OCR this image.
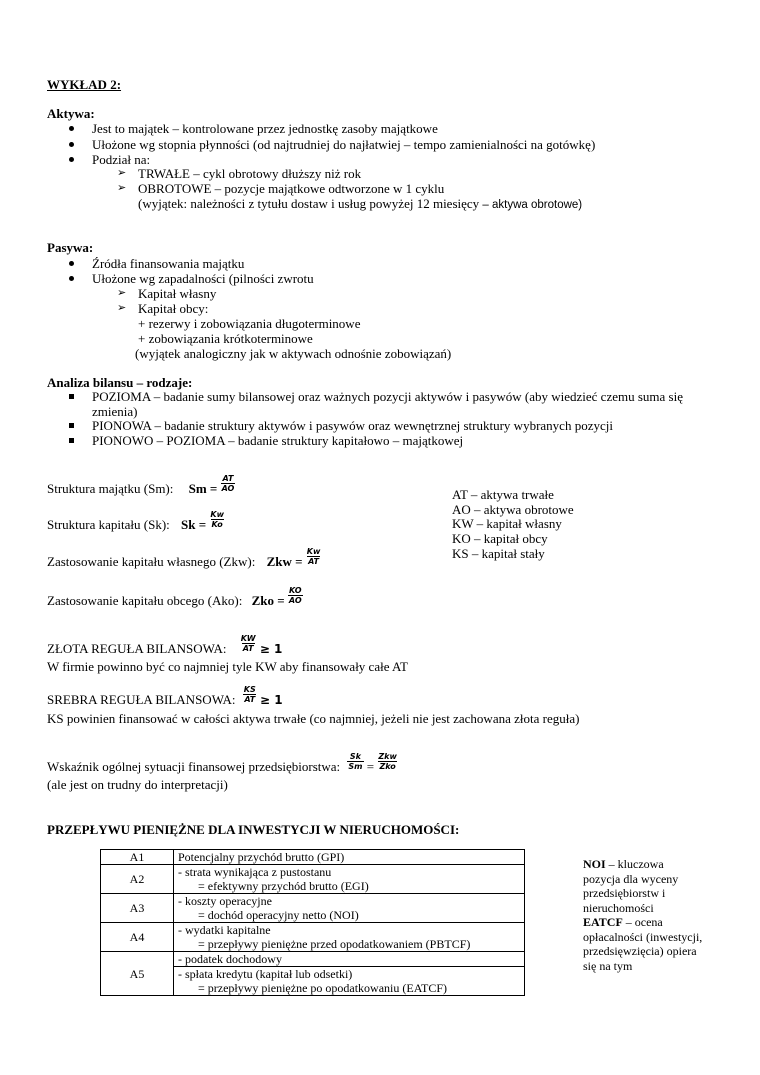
WYKŁAD 2:
Aktywa:
Jest to majątek – kontrolowane przez jednostkę zasoby majątkowe
Ułożone wg stopnia płynności (od najtrudniej do najłatwiej – tempo zamienialności na gotówkę)
Podział na:
➢ TRWAŁE – cykl obrotowy dłuższy niż rok
➢ OBROTOWE – pozycje majątkowe odtworzone w 1 cyklu
(wyjątek: należności z tytułu dostaw i usług powyżej 12 miesięcy – aktywa obrotowe)
Pasywa:
Źródła finansowania majątku
Ułożone wg zapadalności (pilności zwrotu
➢ Kapitał własny
➢ Kapitał obcy:
+ rezerwy i zobowiązania długoterminowe
+ zobowiązania krótkoterminowe
(wyjątek analogiczny jak w aktywach odnośnie zobowiązań)
Analiza bilansu – rodzaje:
POZIOMA – badanie sumy bilansowej oraz ważnych pozycji aktywów i pasywów (aby wiedzieć czemu suma się
zmienia)
PIONOWA – badanie struktury aktywów i pasywów oraz wewnętrznej struktury wybranych pozycji
PIONOWO – POZIOMA – badanie struktury kapitałowo – majątkowej
Struktura majątku (Sm): $Sm = \frac{AT}{AO}$
Struktura kapitału (Sk): $Sk = \frac{Kw}{Ko}$
Zastosowanie kapitału własnego (Zkw): Zkw = $\frac{Kw}{AT}$
Zastosowanie kapitału obcego (Ako): Zko = $\frac{KO}{AO}$
AT – aktywa trwałe
AO – aktywa obrotowe
KW – kapitał własny
KO – kapitał obcy
KS – kapitał stały
ZŁOTA REGUŁA BILANSOWA: $\frac{KW}{AT} \ge 1$
W firmie powinno być co najmniej tyle KW aby finansowały całe AT
SREBRA REGUŁA BILANSOWA: $\frac{KS}{AT} \ge 1$
KS powinien finansować w całości aktywa trwałe (co najmniej, jeżeli nie jest zachowana złota reguła)
Wskaźnik ogólnej sytuacji finansowej przedsiębiorstwa: $\frac{Sk}{Sm} = \frac{\text{Zkw}}{\text{Zko}}$
(ale jest on trudny do interpretacji)
PRZEPŁYWU PIENIĘŻNE DLA INWESTYCJI W NIERUCHOMOŚCI:
A1	Potencjalny przychód brutto (GPI)
A2	- strata wynikająca z pustostanu
	= efektywny przychód brutto (EGI)
A3	- koszty operacyjne
	= dochód operacyjny netto (NOI)
A4	- wydatki kapitalne
	= przepływy pieniężne przed opodatkowaniem (PBTCF)
A5	- podatek dochodowy
	- spłata kredytu (kapitał lub odsetki)
	= przepływy pieniężne po opodatkowaniu (EATCF)
NOI – kluczowa pozycja dla wyceny przedsiębiorstw i nieruchomości
EATCF – ocena opłacalności (inwestycji, przedsięwzięcia) opiera się na tym
